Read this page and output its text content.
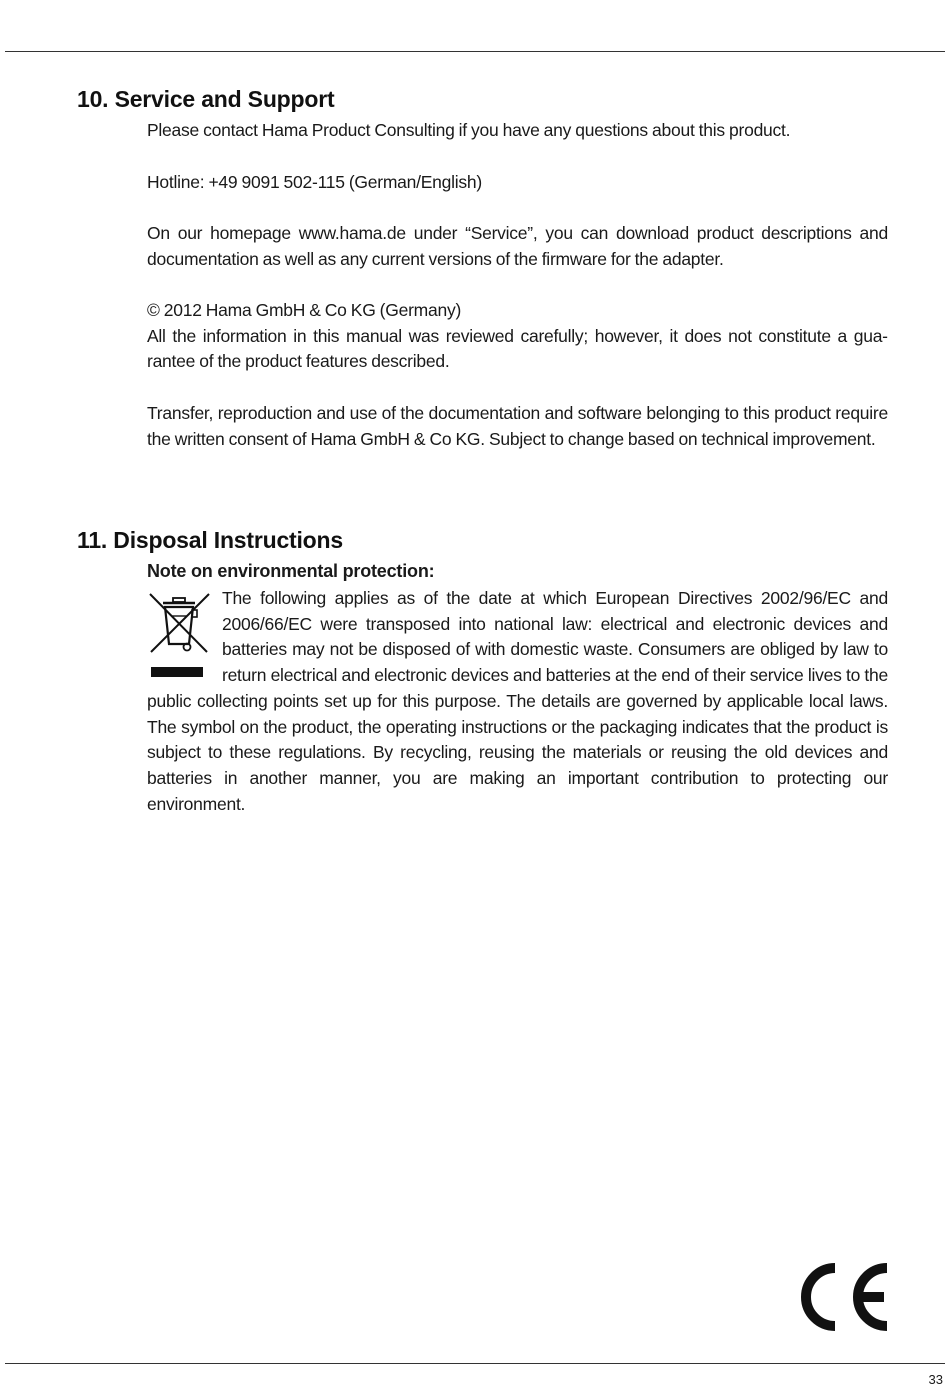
10. Service and Support

Please contact Hama Product Consulting if you have any questions about this product.

Hotline: +49 9091 502-115 (German/English)

On our homepage www.hama.de under “Service”, you can download product descriptions and documentation as well as any current versions of the firmware for the adapter.

© 2012 Hama GmbH & Co KG (Germany)
All the information in this manual was reviewed carefully; however, it does not constitute a guarantee of the product features described.

Transfer, reproduction and use of the documentation and software belonging to this product require the written consent of Hama GmbH & Co KG. Subject to change based on technical improvement.

11. Disposal Instructions

Note on environmental protection:

The following applies as of the date at which European Directives 2002/96/EC and 2006/66/EC were transposed into national law: electrical and electronic devices and batteries may not be disposed of with domestic waste. Consumers are obliged by law to return electrical and electronic devices and batteries at the end of their service lives to the public collecting points set up for this purpose. The details are governed by applicable local laws. The symbol on the product, the operating instructions or the packaging indicates that the product is subject to these regulations. By recycling, reusing the materials or reusing the old devices and batteries in another manner, you are making an important contribution to protecting our environment.

33
